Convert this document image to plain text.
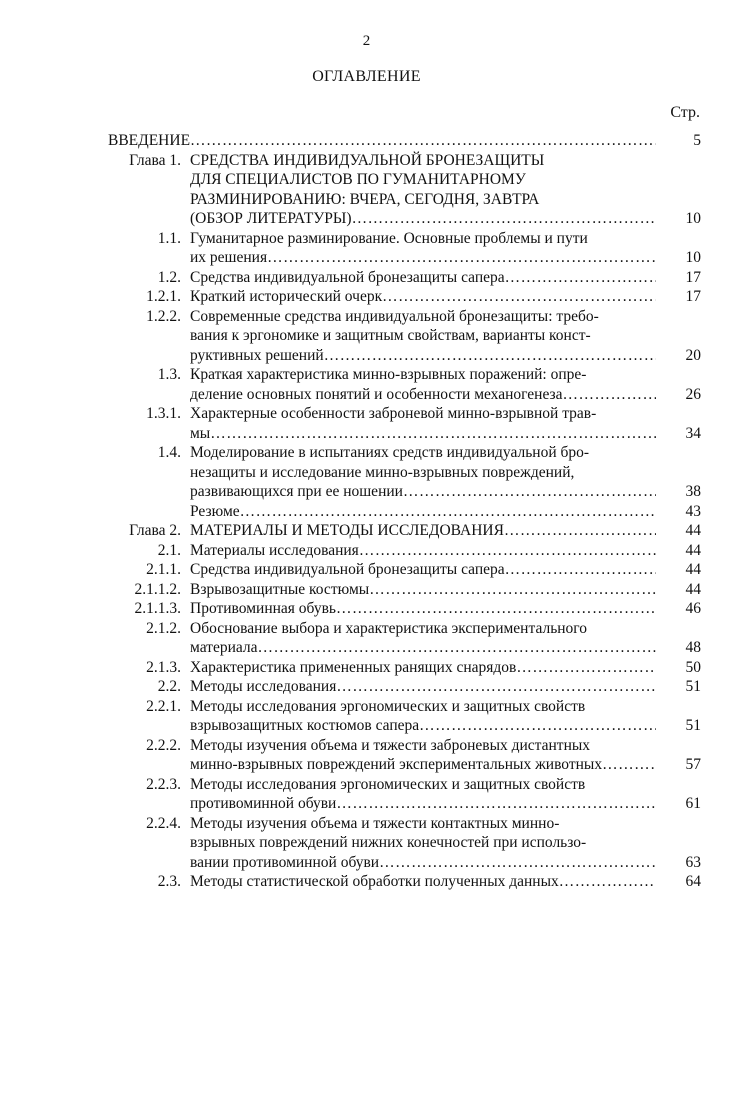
2
ОГЛАВЛЕНИЕ
Стр.
ВВЕДЕНИЕ ……………………………………………………………………………………………………………………………………………………………………………………	5
Глава 1. СРЕДСТВА ИНДИВИДУАЛЬНОЙ БРОНЕЗАЩИТЫ
ДЛЯ СПЕЦИАЛИСТОВ ПО ГУМАНИТАРНОМУ
РАЗМИНИРОВАНИЮ: ВЧЕРА, СЕГОДНЯ, ЗАВТРА
(ОБЗОР ЛИТЕРАТУРЫ) ……………………………………………………………………………………………………………………………………………………………………………………	10
1.1. Гуманитарное разминирование. Основные проблемы и пути
их решения ……………………………………………………………………………………………………………………………………………………………………………………	10
1.2. Средства индивидуальной бронезащиты сапера ……………………………………………………………………………………………………………………………………………………………………………………	17
1.2.1. Краткий исторический очерк ……………………………………………………………………………………………………………………………………………………………………………………	17
1.2.2. Современные средства индивидуальной бронезащиты: требо-
вания к эргономике и защитным свойствам, варианты конст-
руктивных решений ……………………………………………………………………………………………………………………………………………………………………………………	20
1.3. Краткая характеристика минно-взрывных поражений: опре-
деление основных понятий и особенности механогенеза ……………………………………………………………………………………………………………………………………………………………………………………	26
1.3.1. Характерные особенности заброневой минно-взрывной трав-
мы ……………………………………………………………………………………………………………………………………………………………………………………	34
1.4. Моделирование в испытаниях средств индивидуальной бро-
незащиты и исследование минно-взрывных повреждений,
развивающихся при ее ношении ……………………………………………………………………………………………………………………………………………………………………………………	38
Резюме ……………………………………………………………………………………………………………………………………………………………………………………	43
Глава 2. МАТЕРИАЛЫ И МЕТОДЫ ИССЛЕДОВАНИЯ ……………………………………………………………………………………………………………………………………………………………………………………	44
2.1. Материалы исследования ……………………………………………………………………………………………………………………………………………………………………………………	44
2.1.1. Средства индивидуальной бронезащиты сапера ……………………………………………………………………………………………………………………………………………………………………………………	44
2.1.1.2. Взрывозащитные костюмы ……………………………………………………………………………………………………………………………………………………………………………………	44
2.1.1.3. Противоминная обувь ……………………………………………………………………………………………………………………………………………………………………………………	46
2.1.2. Обоснование выбора и характеристика экспериментального
материала ……………………………………………………………………………………………………………………………………………………………………………………	48
2.1.3. Характеристика примененных ранящих снарядов ……………………………………………………………………………………………………………………………………………………………………………………	50
2.2. Методы исследования ……………………………………………………………………………………………………………………………………………………………………………………	51
2.2.1. Методы исследования эргономических и защитных свойств
взрывозащитных костюмов сапера ……………………………………………………………………………………………………………………………………………………………………………………	51
2.2.2. Методы изучения объема и тяжести заброневых дистантных
минно-взрывных повреждений экспериментальных животных ……………………………………………………………………………………………………………………………………………………………………………………	57
2.2.3. Методы исследования эргономических и защитных свойств
противоминной обуви ……………………………………………………………………………………………………………………………………………………………………………………	61
2.2.4. Методы изучения объема и тяжести контактных минно-
взрывных повреждений нижних конечностей при использо-
вании противоминной обуви ……………………………………………………………………………………………………………………………………………………………………………………	63
2.3. Методы статистической обработки полученных данных ……………………………………………………………………………………………………………………………………………………………………………………	64
